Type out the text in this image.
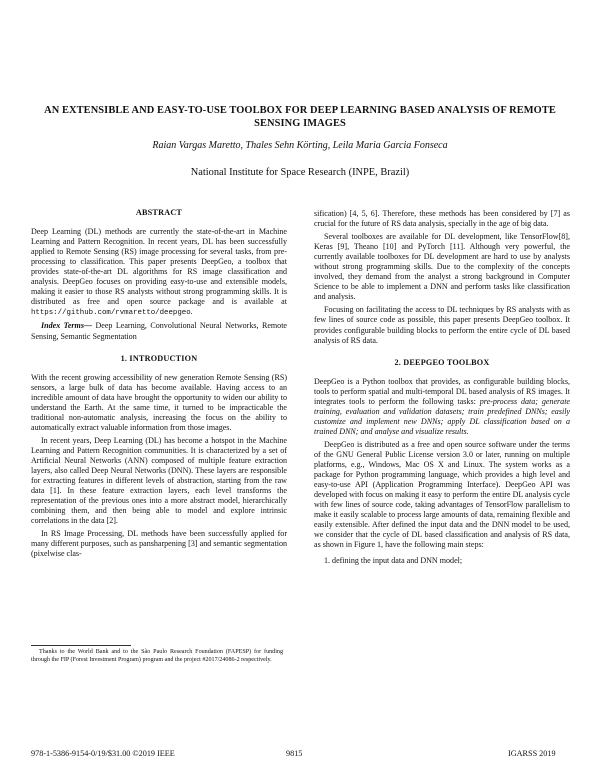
AN EXTENSIBLE AND EASY-TO-USE TOOLBOX FOR DEEP LEARNING BASED ANALYSIS OF REMOTE SENSING IMAGES
Raian Vargas Maretto, Thales Sehn Körting, Leila Maria Garcia Fonseca
National Institute for Space Research (INPE, Brazil)
ABSTRACT

Deep Learning (DL) methods are currently the state-of-the-art in Machine Learning and Pattern Recognition. In recent years, DL has been successfully applied to Remote Sensing (RS) image processing for several tasks, from pre-processing to classification. This paper presents DeepGeo, a toolbox that provides state-of-the-art DL algorithms for RS image classification and analysis. DeepGeo focuses on providing easy-to-use and extensible models, making it easier to those RS analysts without strong programming skills. It is distributed as free and open source package and is available at https://github.com/rvmaretto/deepgeo.

Index Terms— Deep Learning, Convolutional Neural Networks, Remote Sensing, Semantic Segmentation

1. INTRODUCTION

With the recent growing accessibility of new generation Remote Sensing (RS) sensors, a large bulk of data has become available. Having access to an incredible amount of data have brought the opportunity to widen our ability to understand the Earth. At the same time, it turned to be impracticable the traditional non-automatic analysis, increasing the focus on the ability to automatically extract valuable information from those images.

In recent years, Deep Learning (DL) has become a hotspot in the Machine Learning and Pattern Recognition communities. It is characterized by a set of Artificial Neural Networks (ANN) composed of multiple feature extraction layers, also called Deep Neural Networks (DNN). These layers are responsible for extracting features in different levels of abstraction, starting from the raw data [1]. In these feature extraction layers, each level transforms the representation of the previous ones into a more abstract model, hierarchically combining them, and then being able to model and explore intrinsic correlations in the data [2].

In RS Image Processing, DL methods have been successfully applied for many different purposes, such as pansharpening [3] and semantic segmentation (pixelwise clas-

Thanks to the World Bank and to the São Paulo Research Foundation (FAPESP) for funding through the FIP (Forest Investment Program) program and the project #2017/24086-2 respectively.

sification) [4, 5, 6]. Therefore, these methods has been considered by [7] as crucial for the future of RS data analysis, specially in the age of big data.

Several toolboxes are available for DL development, like TensorFlow[8], Keras [9], Theano [10] and PyTorch [11]. Although very powerful, the currently available toolboxes for DL development are hard to use by analysts without strong programming skills. Due to the complexity of the concepts involved, they demand from the analyst a strong background in Computer Science to be able to implement a DNN and perform tasks like classification and analysis.

Focusing on facilitating the access to DL techniques by RS analysts with as few lines of source code as possible, this paper presents DeepGeo toolbox. It provides configurable building blocks to perform the entire cycle of DL based analysis of RS data.

2. DEEPGEO TOOLBOX

DeepGeo is a Python toolbox that provides, as configurable building blocks, tools to perform spatial and multi-temporal DL based analysis of RS images. It integrates tools to perform the following tasks: pre-process data; generate training, evaluation and validation datasets; train predefined DNNs; easily customize and implement new DNNs; apply DL classification based on a trained DNN; and analyse and visualize results.

DeepGeo is distributed as a free and open source software under the terms of the GNU General Public License version 3.0 or later, running on multiple platforms, e.g., Windows, Mac OS X and Linux. The system works as a package for Python programming language, which provides a high level and easy-to-use API (Application Programming Interface). DeepGeo API was developed with focus on making it easy to perform the entire DL analysis cycle with few lines of source code, taking advantages of TensorFlow parallelism to make it easily scalable to process large amounts of data, remaining flexible and easily extensible. After defined the input data and the DNN model to be used, we consider that the cycle of DL based classification and analysis of RS data, as shown in Figure 1, have the following main steps:

1. defining the input data and DNN model;
978-1-5386-9154-0/19/$31.00 ©2019 IEEE	9815	IGARSS 2019
